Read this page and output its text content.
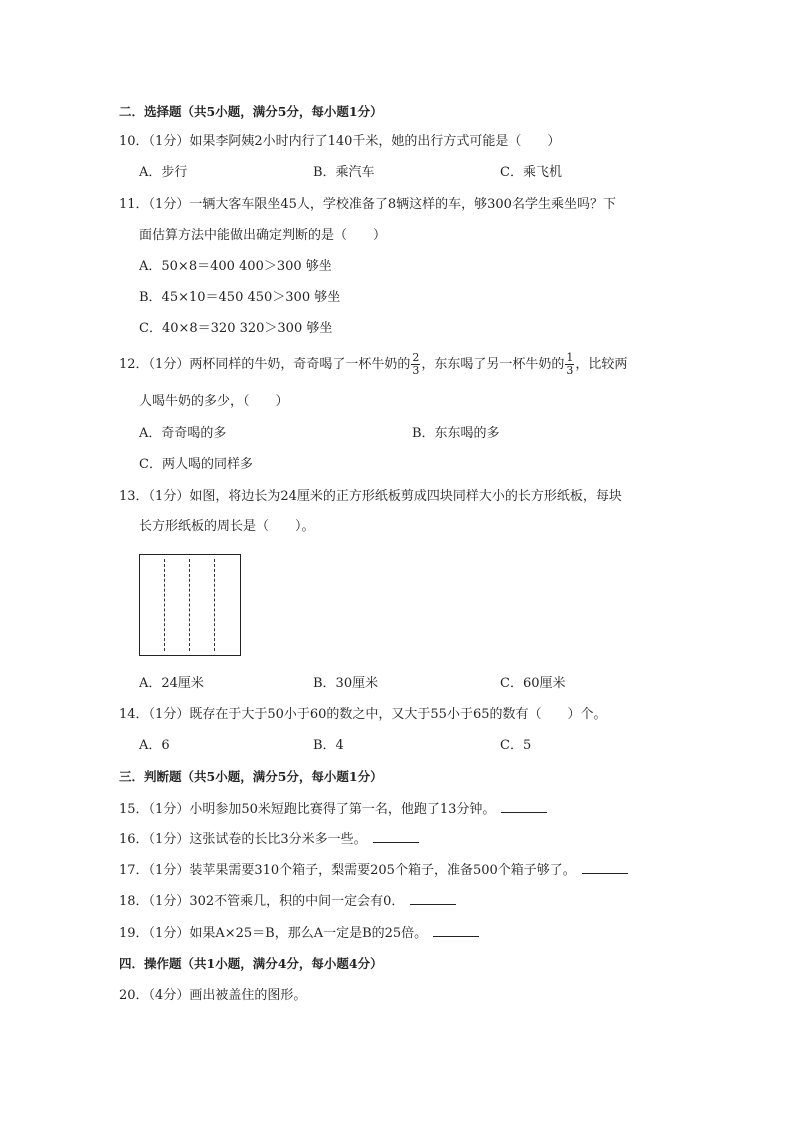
二．选择题（共5小题，满分5分，每小题1分）
10．（1分）如果李阿姨2小时内行了140千米，她的出行方式可能是（　　）
A．步行	B．乘汽车	C．乘飞机
11．（1分）一辆大客车限坐45人，学校准备了8辆这样的车，够300名学生乘坐吗？下
面估算方法中能做出确定判断的是（　　）
A．50×8＝400 400＞300 够坐
B．45×10＝450 450＞300 够坐
C．40×8＝320 320＞300 够坐
12．（1分）两杯同样的牛奶，奇奇喝了一杯牛奶的 $\frac{2}{3}$ ，东东喝了另一杯牛奶的 $\frac{1}{3}$ ，比较两
人喝牛奶的多少，（　　）
A．奇奇喝的多	B．东东喝的多
C．两人喝的同样多
13．（1分）如图，将边长为24厘米的正方形纸板剪成四块同样大小的长方形纸板，每块
长方形纸板的周长是（　　）。
A．24厘米	B．30厘米	C．60厘米
14．（1分）既存在于大于50小于60的数之中，又大于55小于65的数有（　　）个。
A．6	B．4	C．5
三．判断题（共5小题，满分5分，每小题1分）
15．（1分）小明参加50米短跑比赛得了第一名，他跑了13分钟。
16．（1分）这张试卷的长比3分米多一些。
17．（1分）装苹果需要310个箱子，梨需要205个箱子，准备500个箱子够了。
18．（1分）302不管乘几，积的中间一定会有0．
19．（1分）如果A×25＝B，那么A一定是B的25倍。
四．操作题（共1小题，满分4分，每小题4分）
20．（4分）画出被盖住的图形。
